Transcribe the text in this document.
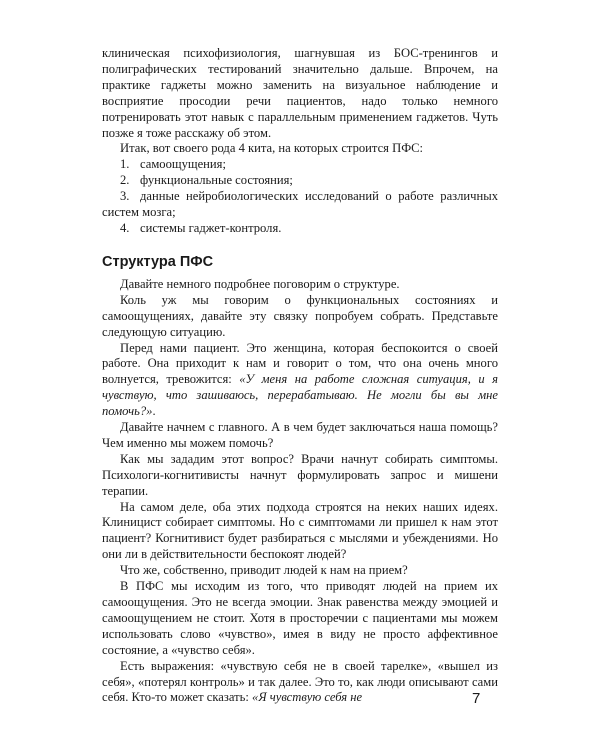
клиническая психофизиология, шагнувшая из БОС-тренингов и полиграфических тестирований значительно дальше. Впрочем, на практике гаджеты можно заменить на визуальное наблюдение и восприятие просодии речи пациентов, надо только немного потренировать этот навык с параллельным применением гаджетов. Чуть позже я тоже расскажу об этом.

Итак, вот своего рода 4 кита, на которых строится ПФС:

1. самоощущения;
2. функциональные состояния;
3. данные нейробиологических исследований о работе различных систем мозга;
4. системы гаджет-контроля.
Структура ПФС

Давайте немного подробнее поговорим о структуре.

Коль уж мы говорим о функциональных состояниях и самоощущениях, давайте эту связку попробуем собрать. Представьте следующую ситуацию.

Перед нами пациент. Это женщина, которая беспокоится о своей работе. Она приходит к нам и говорит о том, что она очень много волнуется, тревожится: «У меня на работе сложная ситуация, и я чувствую, что зашиваюсь, перерабатываю. Не могли бы вы мне помочь?».

Давайте начнем с главного. А в чем будет заключаться наша помощь? Чем именно мы можем помочь?

Как мы зададим этот вопрос? Врачи начнут собирать симптомы. Психологи-когнитивисты начнут формулировать запрос и мишени терапии.

На самом деле, оба этих подхода строятся на неких наших идеях. Клиницист собирает симптомы. Но с симптомами ли пришел к нам этот пациент? Когнитивист будет разбираться с мыслями и убеждениями. Но они ли в действительности беспокоят людей?

Что же, собственно, приводит людей к нам на прием?

В ПФС мы исходим из того, что приводят людей на прием их самоощущения. Это не всегда эмоции. Знак равенства между эмоцией и самоощущением не стоит. Хотя в просторечии с пациентами мы можем использовать слово «чувство», имея в виду не просто аффективное состояние, а «чувство себя».

Есть выражения: «чувствую себя не в своей тарелке», «вышел из себя», «потерял контроль» и так далее. Это то, как люди описывают сами себя. Кто-то может сказать: «Я чувствую себя не	7
